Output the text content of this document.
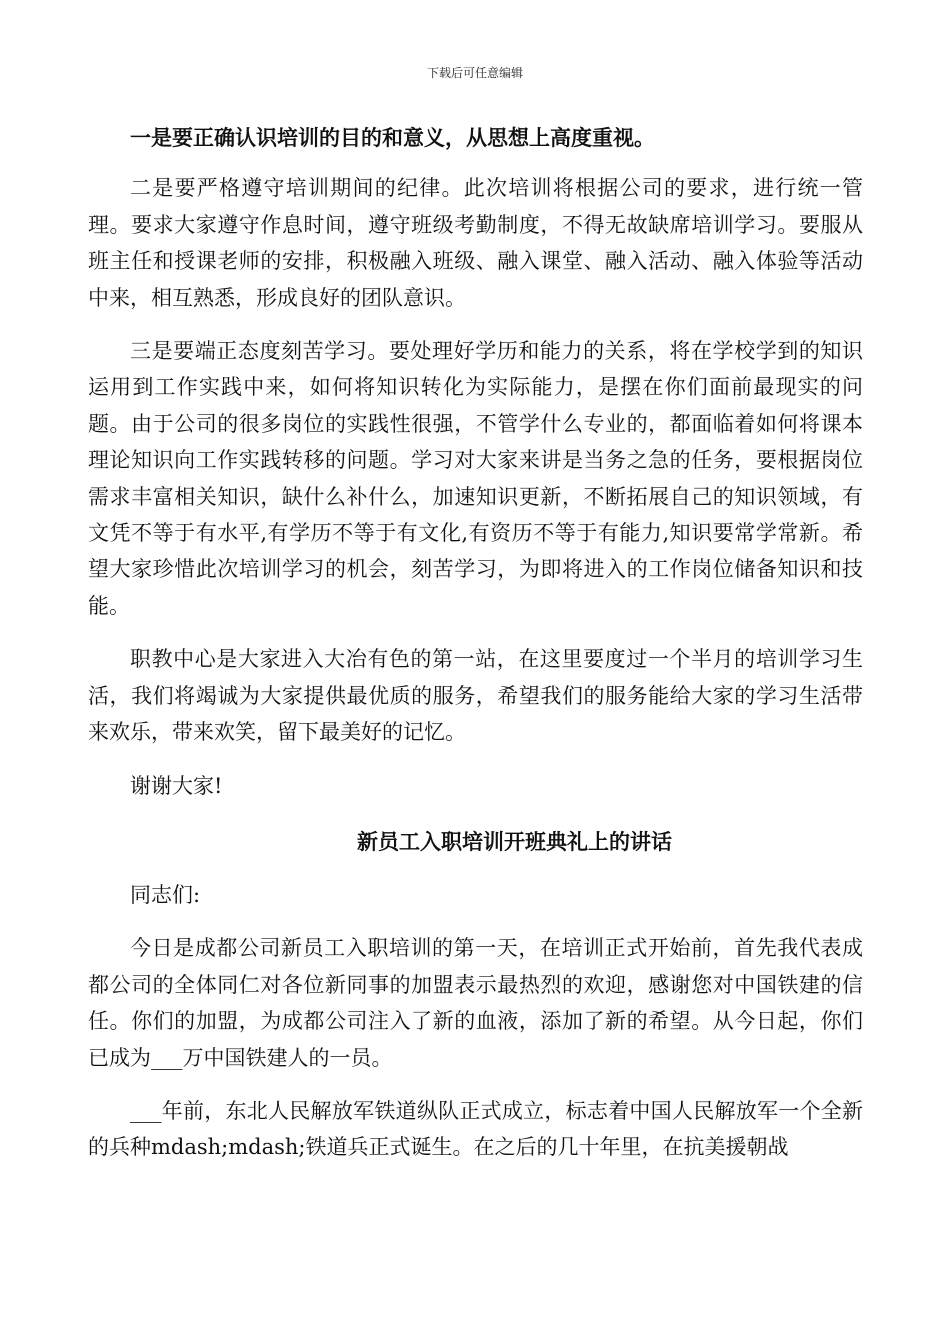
下载后可任意编辑

一是要正确认识培训的目的和意义，从思想上高度重视。

二是要严格遵守培训期间的纪律。此次培训将根据公司的要求，进行统一管理。要求大家遵守作息时间，遵守班级考勤制度，不得无故缺席培训学习。要服从班主任和授课老师的安排，积极融入班级、融入课堂、融入活动、融入体验等活动中来，相互熟悉，形成良好的团队意识。

三是要端正态度刻苦学习。要处理好学历和能力的关系，将在学校学到的知识运用到工作实践中来，如何将知识转化为实际能力，是摆在你们面前最现实的问题。由于公司的很多岗位的实践性很强，不管学什么专业的，都面临着如何将课本理论知识向工作实践转移的问题。学习对大家来讲是当务之急的任务，要根据岗位需求丰富相关知识，缺什么补什么，加速知识更新，不断拓展自己的知识领域，有文凭不等于有水平,有学历不等于有文化,有资历不等于有能力,知识要常学常新。希望大家珍惜此次培训学习的机会，刻苦学习，为即将进入的工作岗位储备知识和技能。

职教中心是大家进入大冶有色的第一站，在这里要度过一个半月的培训学习生活，我们将竭诚为大家提供最优质的服务，希望我们的服务能给大家的学习生活带来欢乐，带来欢笑，留下最美好的记忆。

谢谢大家!

新员工入职培训开班典礼上的讲话

同志们:

今日是成都公司新员工入职培训的第一天，在培训正式开始前，首先我代表成都公司的全体同仁对各位新同事的加盟表示最热烈的欢迎，感谢您对中国铁建的信任。你们的加盟，为成都公司注入了新的血液，添加了新的希望。从今日起，你们已成为___万中国铁建人的一员。

___年前，东北人民解放军铁道纵队正式成立，标志着中国人民解放军一个全新的兵种mdash;mdash;铁道兵正式诞生。在之后的几十年里，在抗美援朝战
